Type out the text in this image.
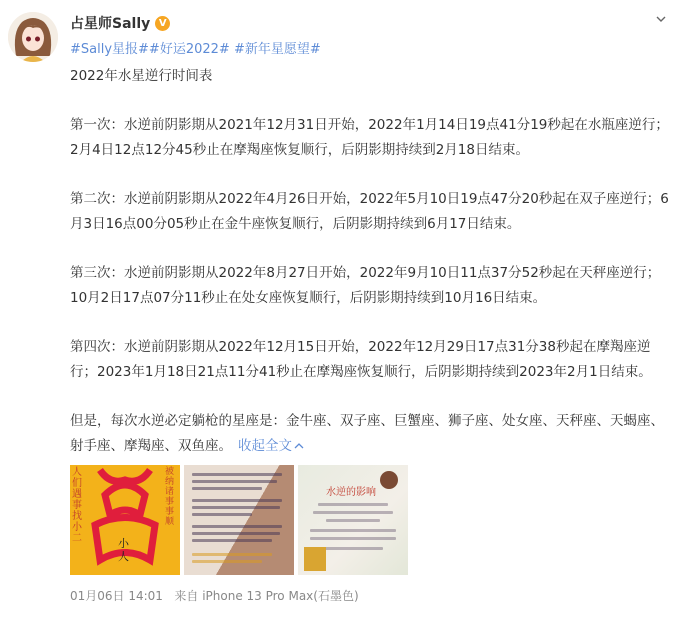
占星师Sally V
#Sally星报##好运2022# #新年星愿望#

2022年水星逆行时间表

第一次：水逆前阴影期从2021年12月31日开始，2022年1月14日19点41分19秒起在水瓶座逆行；2月4日12点12分45秒止在摩羯座恢复顺行，后阴影期持续到2月18日结束。

第二次：水逆前阴影期从2022年4月26日开始，2022年5月10日19点47分20秒起在双子座逆行；6月3日16点00分05秒止在金牛座恢复顺行，后阴影期持续到6月17日结束。

第三次：水逆前阴影期从2022年8月27日开始，2022年9月10日11点37分52秒起在天秤座逆行；10月2日17点07分11秒止在处女座恢复顺行，后阴影期持续到10月16日结束。

第四次：水逆前阴影期从2022年12月15日开始，2022年12月29日17点31分38秒起在摩羯座逆行；2023年1月18日21点11分41秒止在摩羯座恢复顺行，后阴影期持续到2023年2月1日结束。

但是，每次水逆必定躺枪的星座是：金牛座、双子座、巨蟹座、狮子座、处女座、天秤座、天蝎座、射手座、摩羯座、双鱼座。 收起全文

人们遇事找小二
被纳诸事事顺
小人
水逆的影响
01月06日 14:01 来自 iPhone 13 Pro Max(石墨色)
